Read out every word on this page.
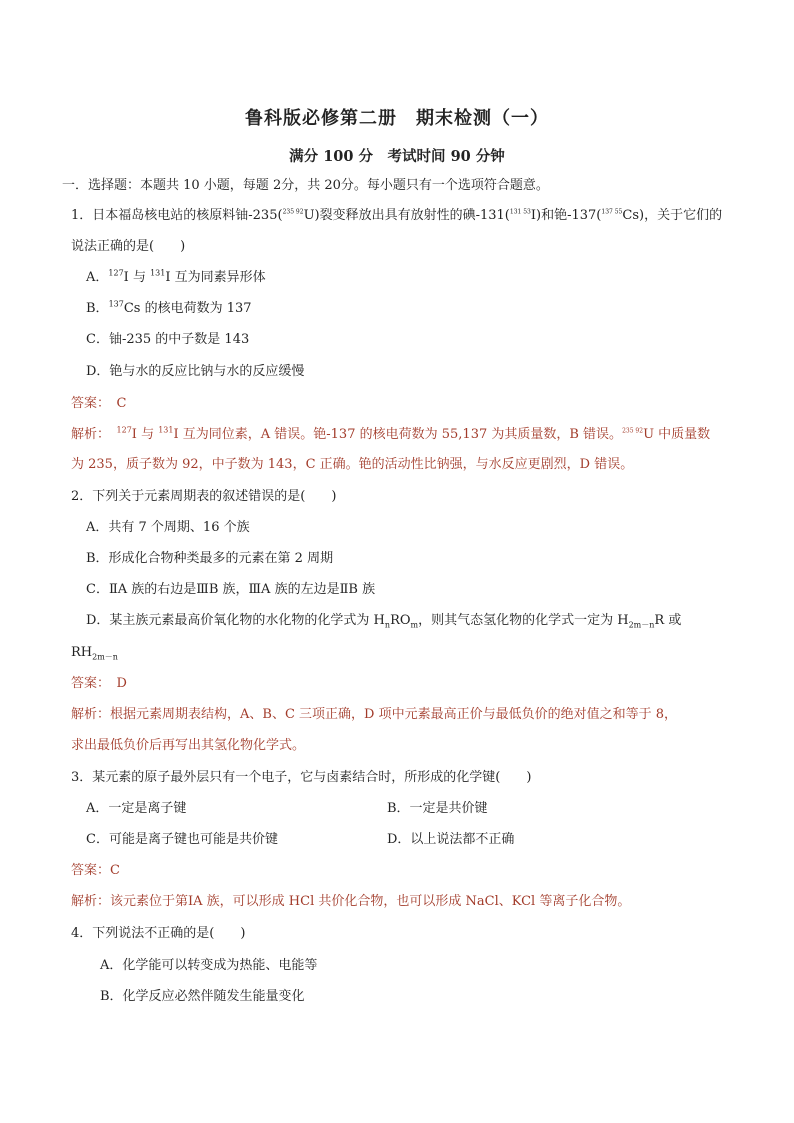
鲁科版必修第二册　期末检测（一）
满分 100 分　考试时间 90 分钟
一．选择题：本题共 10 小题，每题 2分，共 20分。每小题只有一个选项符合题意。
1．日本福岛核电站的核原料铀-235($^{235 92}$U)裂变释放出具有放射性的碘-131($^{131 53}$I)和铯-137($^{137 55}$Cs)，关于它们的
说法正确的是(　　)
A．$^{127}$I 与 $^{131}$I 互为同素异形体
B．$^{137}$Cs 的核电荷数为 137
C．铀-235 的中子数是 143
D．铯与水的反应比钠与水的反应缓慢
答案：　C
解析：　$^{127}$I 与 $^{131}$I 互为同位素，A 错误。铯-137 的核电荷数为 55,137 为其质量数，B 错误。$^{235 92}$U 中质量数
为 235，质子数为 92，中子数为 143，C 正确。铯的活动性比钠强，与水反应更剧烈，D 错误。
2．下列关于元素周期表的叙述错误的是(　　)
A．共有 7 个周期、16 个族
B．形成化合物种类最多的元素在第 2 周期
C．ⅡA 族的右边是ⅢB 族，ⅢA 族的左边是ⅡB 族
D．某主族元素最高价氧化物的水化物的化学式为 $H_nRO_m$，则其气态氢化物的化学式一定为 $H_{2m-n}R$ 或
$RH_{2m-n}$
答案：　D
解析：根据元素周期表结构，A、B、C 三项正确，D 项中元素最高正价与最低负价的绝对值之和等于 8，
求出最低负价后再写出其氢化物化学式。
3．某元素的原子最外层只有一个电子，它与卤素结合时，所形成的化学键(　　)
A．一定是离子键	B．一定是共价键
C．可能是离子键也可能是共价键	D．以上说法都不正确
答案：C
解析：该元素位于第ⅠA 族，可以形成 HCl 共价化合物，也可以形成 NaCl、KCl 等离子化合物。
4．下列说法不正确的是(　　)
A．化学能可以转变成为热能、电能等
B．化学反应必然伴随发生能量变化
